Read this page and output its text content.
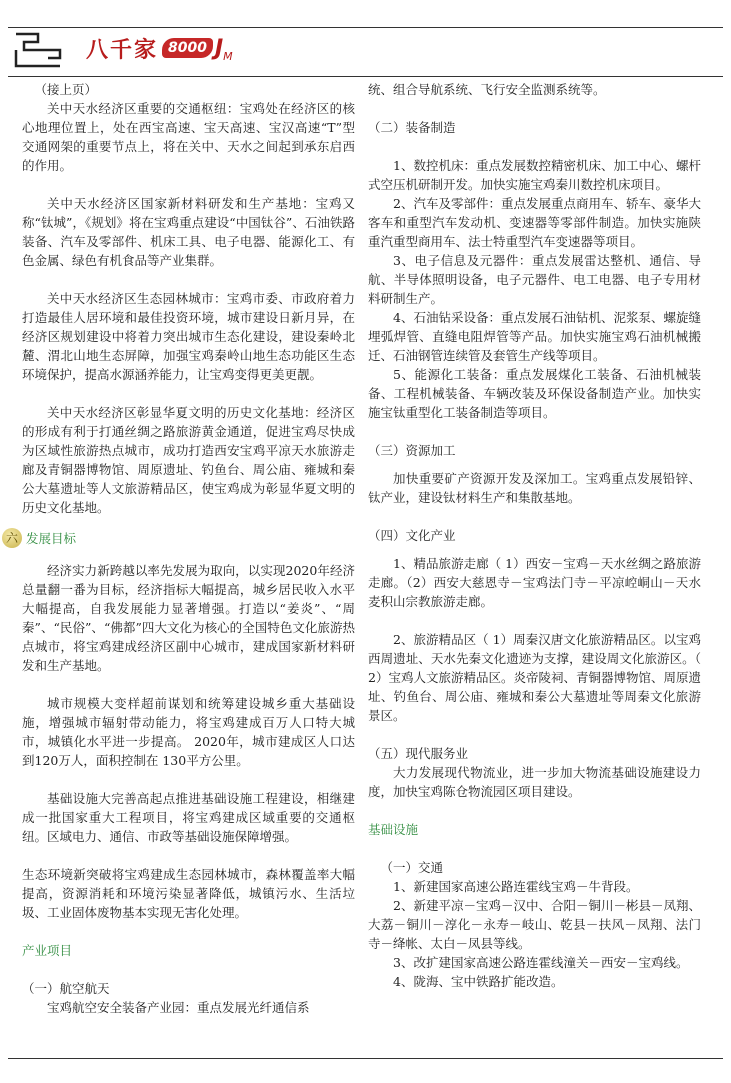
八千家 8000 J M

（接上页）

关中天水经济区重要的交通枢纽：宝鸡处在经济区的核心地理位置上，处在西宝高速、宝天高速、宝汉高速“T”型交通网架的重要节点上，将在关中、天水之间起到承东启西的作用。

关中天水经济区国家新材料研发和生产基地：宝鸡又称“钛城”，《规划》将在宝鸡重点建设“中国钛谷”、石油铁路装备、汽车及零部件、机床工具、电子电器、能源化工、有色金属、绿色有机食品等产业集群。

关中天水经济区生态园林城市：宝鸡市委、市政府着力打造最佳人居环境和最佳投资环境，城市建设日新月异，在经济区规划建设中将着力突出城市生态化建设，建设秦岭北麓、渭北山地生态屏障，加强宝鸡秦岭山地生态功能区生态环境保护，提高水源涵养能力，让宝鸡变得更美更靓。

关中天水经济区彰显华夏文明的历史文化基地：经济区的形成有利于打通丝绸之路旅游黄金通道，促进宝鸡尽快成为区域性旅游热点城市，成功打造西安宝鸡平凉天水旅游走廊及青铜器博物馆、周原遗址、钓鱼台、周公庙、雍城和秦公大墓遗址等人文旅游精品区，使宝鸡成为彰显华夏文明的历史文化基地。

六 发展目标

经济实力新跨越以率先发展为取向，以实现2020年经济总量翻一番为目标，经济指标大幅提高，城乡居民收入水平大幅提高，自我发展能力显著增强。打造以“姜炎”、“周秦”、“民俗”、“佛都”四大文化为核心的全国特色文化旅游热点城市，将宝鸡建成经济区副中心城市，建成国家新材料研发和生产基地。

城市规模大变样超前谋划和统筹建设城乡重大基础设施，增强城市辐射带动能力，将宝鸡建成百万人口特大城市，城镇化水平进一步提高。 2020年，城市建成区人口达到120万人，面积控制在 130平方公里。

基础设施大完善高起点推进基础设施工程建设，相继建成一批国家重大工程项目，将宝鸡建成区域重要的交通枢纽。区域电力、通信、市政等基础设施保障增强。

生态环境新突破将宝鸡建成生态园林城市，森林覆盖率大幅提高，资源消耗和环境污染显著降低，城镇污水、生活垃圾、工业固体废物基本实现无害化处理。

产业项目

（一）航空航天

宝鸡航空安全装备产业园：重点发展光纤通信系

统、组合导航系统、飞行安全监测系统等。

（二）装备制造

1、数控机床：重点发展数控精密机床、加工中心、螺杆式空压机研制开发。加快实施宝鸡秦川数控机床项目。

2、汽车及零部件：重点发展重点商用车、轿车、豪华大客车和重型汽车发动机、变速器等零部件制造。加快实施陕重汽重型商用车、法士特重型汽车变速器等项目。

3、电子信息及元器件：重点发展雷达整机、通信、导航、半导体照明设备，电子元器件、电工电器、电子专用材料研制生产。

4、石油钻采设备：重点发展石油钻机、泥浆泵、螺旋缝埋弧焊管、直缝电阻焊管等产品。加快实施宝鸡石油机械搬迁、石油钢管连续管及套管生产线等项目。

5、能源化工装备：重点发展煤化工装备、石油机械装备、工程机械装备、车辆改装及环保设备制造产业。加快实施宝钛重型化工装备制造等项目。

（三）资源加工

加快重要矿产资源开发及深加工。宝鸡重点发展铅锌、钛产业，建设钛材料生产和集散基地。

（四）文化产业

1、精品旅游走廊（ 1）西安－宝鸡－天水丝绸之路旅游走廊。（2）西安大慈恩寺－宝鸡法门寺－平凉崆峒山－天水麦积山宗教旅游走廊。

2、旅游精品区（ 1）周秦汉唐文化旅游精品区。以宝鸡西周遗址、天水先秦文化遗迹为支撑，建设周文化旅游区。（ 2）宝鸡人文旅游精品区。炎帝陵祠、青铜器博物馆、周原遗址、钓鱼台、周公庙、雍城和秦公大墓遗址等周秦文化旅游景区。

（五）现代服务业

大力发展现代物流业，进一步加大物流基础设施建设力度，加快宝鸡陈仓物流园区项目建设。

基础设施

（一）交通

1、新建国家高速公路连霍线宝鸡－牛背段。

2、新建平凉－宝鸡－汉中、合阳－铜川－彬县－凤翔、大荔－铜川－淳化－永寿－岐山、乾县－扶风－凤翔、法门寺－绛帐、太白－凤县等线。

3、改扩建国家高速公路连霍线潼关－西安－宝鸡线。

4、陇海、宝中铁路扩能改造。
